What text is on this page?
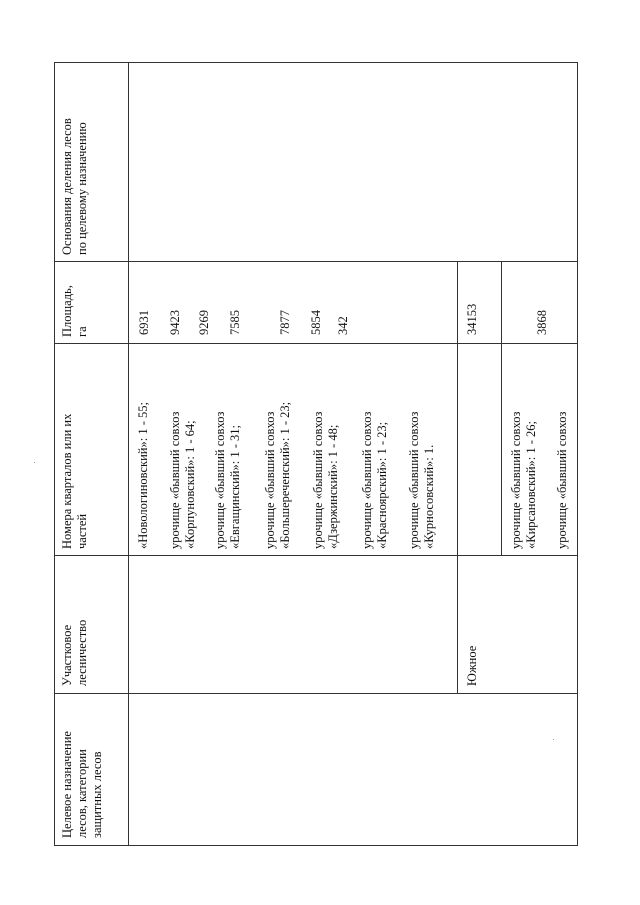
Целевое назначение лесов, категории защитных лесов
Участковое лесничество
Номера кварталов или их частей
Площадь, га
Основания деления лесов по целевому назначению
«Новологиновский»: 1 - 55; урочище «бывший совхоз «Корпуновский»: 1 - 64; урочище «бывший совхоз «Евгащинский»: 1 - 31; урочище «бывший совхоз «Большереченский»: 1 - 23; урочище «бывший совхоз «Дзержинский»: 1 - 48; урочище «бывший совхоз «Красноярский»: 1 - 23; урочище «бывший совхоз «Курносовский»: 1.
6931 9423 9269 7585	7877 5854 342
Южное
34153
урочище «бывший совхоз «Кирсановский»: 1 - 26;
3868
урочище «бывший совхоз
